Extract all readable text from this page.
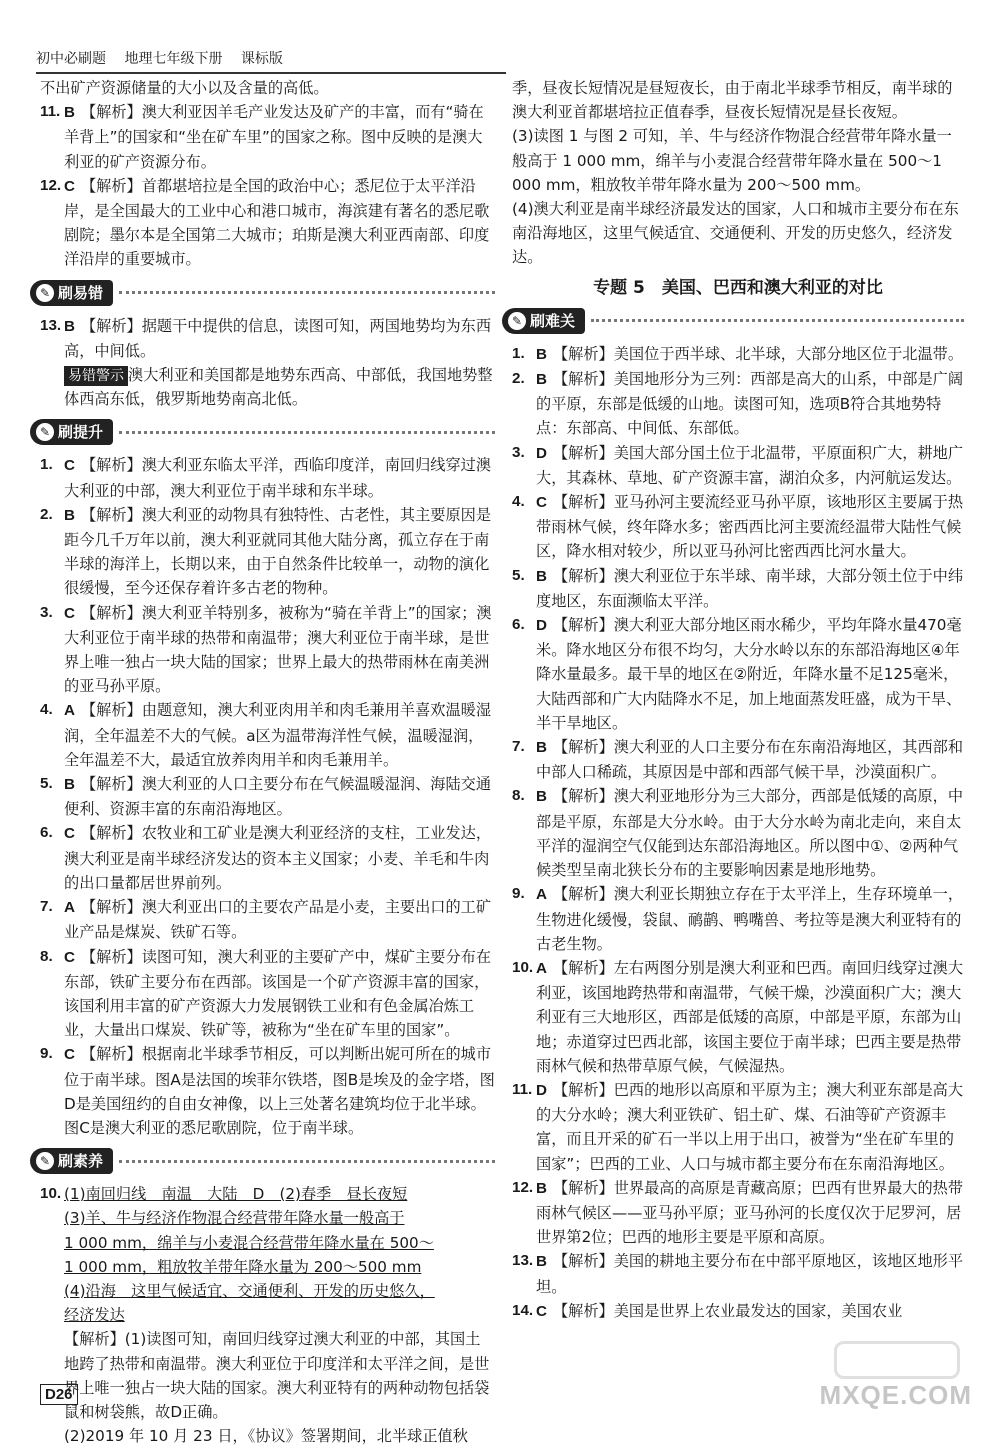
初中必刷题 地理七年级下册 课标版

不出矿产资源储量的大小以及含量的高低。

11. B 【解析】澳大利亚因羊毛产业发达及矿产的丰富，而有“骑在羊背上”的国家和“坐在矿车里”的国家之称。图中反映的是澳大利亚的矿产资源分布。
12. C 【解析】首都堪培拉是全国的政治中心；悉尼位于太平洋沿岸，是全国最大的工业中心和港口城市，海滨建有著名的悉尼歌剧院；墨尔本是全国第二大城市；珀斯是澳大利亚西南部、印度洋沿岸的重要城市。
✎ 刷易错
13. B 【解析】据题干中提供的信息，读图可知，两国地势均为东西高，中间低。
易错警示 澳大利亚和美国都是地势东西高、中部低，我国地势整体西高东低，俄罗斯地势南高北低。
✎ 刷提升
1. C 【解析】澳大利亚东临太平洋，西临印度洋，南回归线穿过澳大利亚的中部，澳大利亚位于南半球和东半球。
2. B 【解析】澳大利亚的动物具有独特性、古老性，其主要原因是距今几千万年以前，澳大利亚就同其他大陆分离，孤立存在于南半球的海洋上，长期以来，由于自然条件比较单一，动物的演化很缓慢，至今还保存着许多古老的物种。
3. C 【解析】澳大利亚羊特别多，被称为“骑在羊背上”的国家；澳大利亚位于南半球的热带和南温带；澳大利亚位于南半球，是世界上唯一独占一块大陆的国家；世界上最大的热带雨林在南美洲的亚马孙平原。
4. A 【解析】由题意知，澳大利亚肉用羊和肉毛兼用羊喜欢温暖湿润，全年温差不大的气候。a区为温带海洋性气候，温暖湿润，全年温差不大，最适宜放养肉用羊和肉毛兼用羊。
5. B 【解析】澳大利亚的人口主要分布在气候温暖湿润、海陆交通便利、资源丰富的东南沿海地区。
6. C 【解析】农牧业和工矿业是澳大利亚经济的支柱，工业发达，澳大利亚是南半球经济发达的资本主义国家；小麦、羊毛和牛肉的出口量都居世界前列。
7. A 【解析】澳大利亚出口的主要农产品是小麦，主要出口的工矿业产品是煤炭、铁矿石等。
8. C 【解析】读图可知，澳大利亚的主要矿产中，煤矿主要分布在东部，铁矿主要分布在西部。该国是一个矿产资源丰富的国家，该国利用丰富的矿产资源大力发展钢铁工业和有色金属冶炼工业，大量出口煤炭、铁矿等，被称为“坐在矿车里的国家”。
9. C 【解析】根据南北半球季节相反，可以判断出妮可所在的城市位于南半球。图A是法国的埃菲尔铁塔，图B是埃及的金字塔，图D是美国纽约的自由女神像，以上三处著名建筑均位于北半球。图C是澳大利亚的悉尼歌剧院，位于南半球。
✎ 刷素养
10. (1)南回归线　南温　大陆　D　(2)春季　昼长夜短
(3)羊、牛与经济作物混合经营带年降水量一般高于
1 000 mm，绵羊与小麦混合经营带年降水量在 500～
1 000 mm，粗放牧羊带年降水量为 200～500 mm
(4)沿海　这里气候适宜、交通便利、开发的历史悠久，
经济发达
【解析】(1)读图可知，南回归线穿过澳大利亚的中部，其国土地跨了热带和南温带。澳大利亚位于印度洋和太平洋之间，是世界上唯一独占一块大陆的国家。澳大利亚特有的两种动物包括袋鼠和树袋熊，故D正确。
(2)2019 年 10 月 23 日，《协议》签署期间，北半球正值秋

季，昼夜长短情况是昼短夜长，由于南北半球季节相反，南半球的澳大利亚首都堪培拉正值春季，昼夜长短情况是昼长夜短。

(3)读图 1 与图 2 可知，羊、牛与经济作物混合经营带年降水量一般高于 1 000 mm，绵羊与小麦混合经营带年降水量在 500～1 000 mm，粗放牧羊带年降水量为 200～500 mm。

(4)澳大利亚是南半球经济最发达的国家，人口和城市主要分布在东南沿海地区，这里气候适宜、交通便利、开发的历史悠久，经济发达。

专题 5　美国、巴西和澳大利亚的对比
✎ 刷难关
1. B 【解析】美国位于西半球、北半球，大部分地区位于北温带。
2. B 【解析】美国地形分为三列：西部是高大的山系，中部是广阔的平原，东部是低缓的山地。读图可知，选项B符合其地势特点：东部高、中间低、东部低。
3. D 【解析】美国大部分国土位于北温带，平原面积广大，耕地广大，其森林、草地、矿产资源丰富，湖泊众多，内河航运发达。
4. C 【解析】亚马孙河主要流经亚马孙平原，该地形区主要属于热带雨林气候，终年降水多；密西西比河主要流经温带大陆性气候区，降水相对较少，所以亚马孙河比密西西比河水量大。
5. B 【解析】澳大利亚位于东半球、南半球，大部分领土位于中纬度地区，东面濒临太平洋。
6. D 【解析】澳大利亚大部分地区雨水稀少，平均年降水量470毫米。降水地区分布很不均匀，大分水岭以东的东部沿海地区④年降水量最多。最干旱的地区在②附近，年降水量不足125毫米，大陆西部和广大内陆降水不足，加上地面蒸发旺盛，成为干旱、半干旱地区。
7. B 【解析】澳大利亚的人口主要分布在东南沿海地区，其西部和中部人口稀疏，其原因是中部和西部气候干旱，沙漠面积广。
8. B 【解析】澳大利亚地形分为三大部分，西部是低矮的高原，中部是平原，东部是大分水岭。由于大分水岭为南北走向，来自太平洋的湿润空气仅能到达东部沿海地区。所以图中①、②两种气候类型呈南北狭长分布的主要影响因素是地形地势。
9. A 【解析】澳大利亚长期独立存在于太平洋上，生存环境单一，生物进化缓慢，袋鼠、鸸鹋、鸭嘴兽、考拉等是澳大利亚特有的古老生物。
10. A 【解析】左右两图分别是澳大利亚和巴西。南回归线穿过澳大利亚，该国地跨热带和南温带，气候干燥，沙漠面积广大；澳大利亚有三大地形区，西部是低矮的高原，中部是平原，东部为山地；赤道穿过巴西北部，该国主要位于南半球；巴西主要是热带雨林气候和热带草原气候，气候湿热。
11. D 【解析】巴西的地形以高原和平原为主；澳大利亚东部是高大的大分水岭；澳大利亚铁矿、铝土矿、煤、石油等矿产资源丰富，而且开采的矿石一半以上用于出口，被誉为“坐在矿车里的国家”；巴西的工业、人口与城市都主要分布在东南沿海地区。
12. B 【解析】世界最高的高原是青藏高原；巴西有世界最大的热带雨林气候区——亚马孙平原；亚马孙河的长度仅次于尼罗河，居世界第2位；巴西的地形主要是平原和高原。
13. B 【解析】美国的耕地主要分布在中部平原地区，该地区地形平坦。
14. C 【解析】美国是世界上农业最发达的国家，美国农业
D26	MXQE.COM
